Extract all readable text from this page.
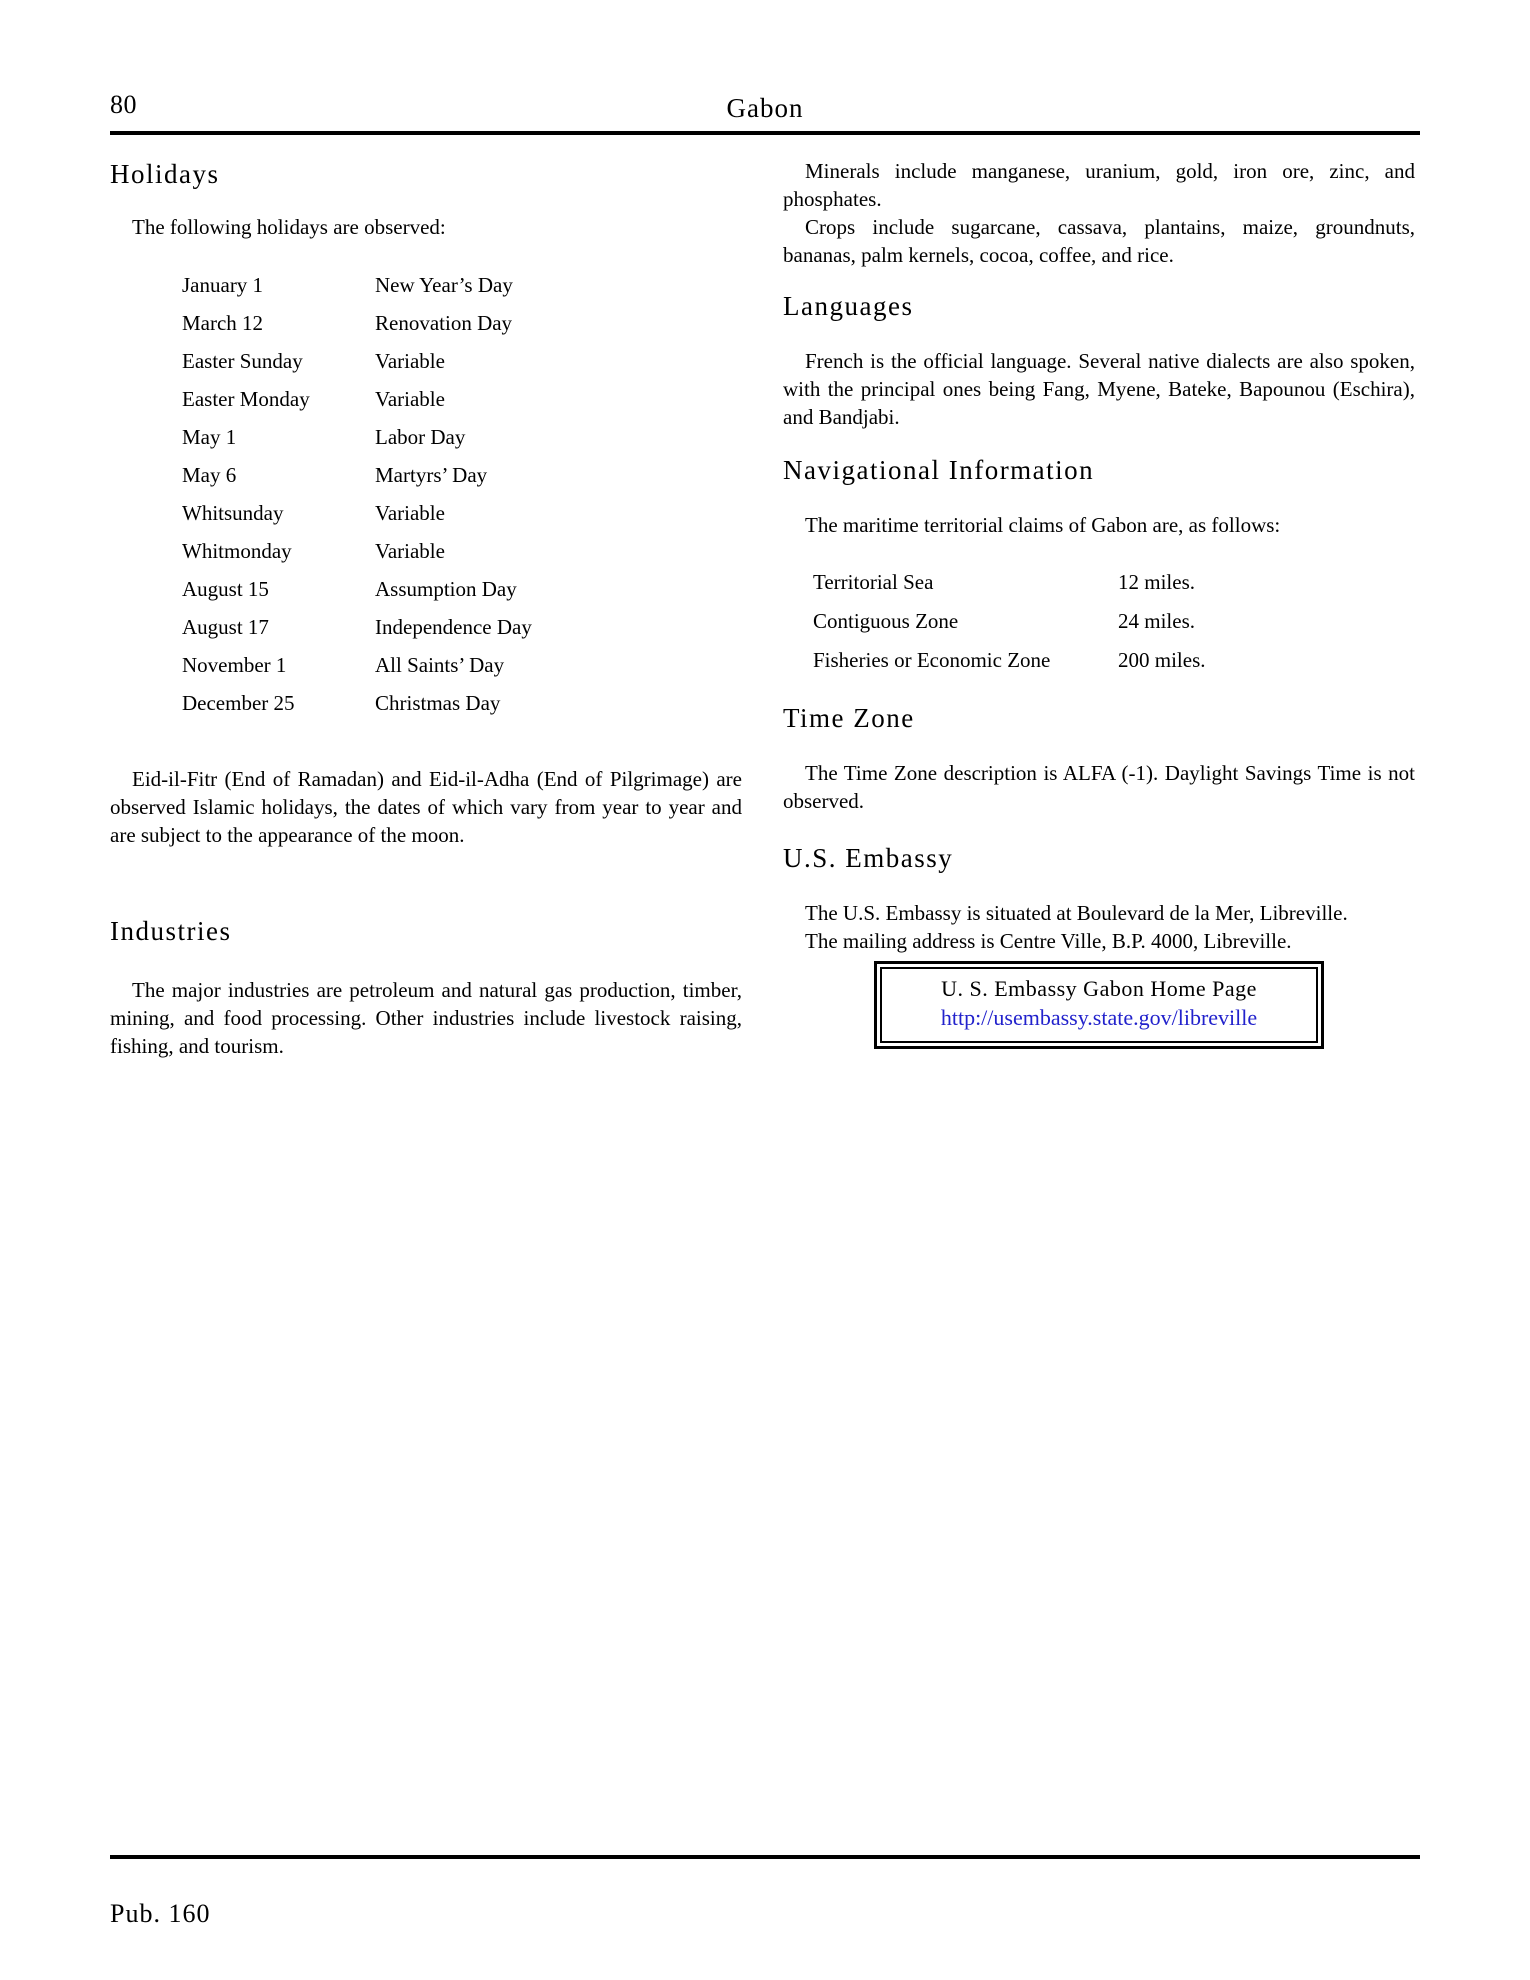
80	Gabon
Holidays

The following holidays are observed:

January 1	New Year’s Day
March 12	Renovation Day
Easter Sunday	Variable
Easter Monday	Variable
May 1	Labor Day
May 6	Martyrs’ Day
Whitsunday	Variable
Whitmonday	Variable
August 15	Assumption Day
August 17	Independence Day
November 1	All Saints’ Day
December 25	Christmas Day

Eid-il-Fitr (End of Ramadan) and Eid-il-Adha (End of Pilgrimage) are observed Islamic holidays, the dates of which vary from year to year and are subject to the appearance of the moon.

Industries

The major industries are petroleum and natural gas production, timber, mining, and food processing. Other industries include livestock raising, fishing, and tourism.

Minerals include manganese, uranium, gold, iron ore, zinc, and phosphates.

Crops include sugarcane, cassava, plantains, maize, groundnuts, bananas, palm kernels, cocoa, coffee, and rice.

Languages

French is the official language. Several native dialects are also spoken, with the principal ones being Fang, Myene, Bateke, Bapounou (Eschira), and Bandjabi.

Navigational Information

The maritime territorial claims of Gabon are, as follows:

Territorial Sea	12 miles.
Contiguous Zone	24 miles.
Fisheries or Economic Zone	200 miles.
Time Zone

The Time Zone description is ALFA (-1). Daylight Savings Time is not observed.

U.S. Embassy

The U.S. Embassy is situated at Boulevard de la Mer, Libreville.

The mailing address is Centre Ville, B.P. 4000, Libreville.

U. S. Embassy Gabon Home Page
http://usembassy.state.gov/libreville
Pub. 160
